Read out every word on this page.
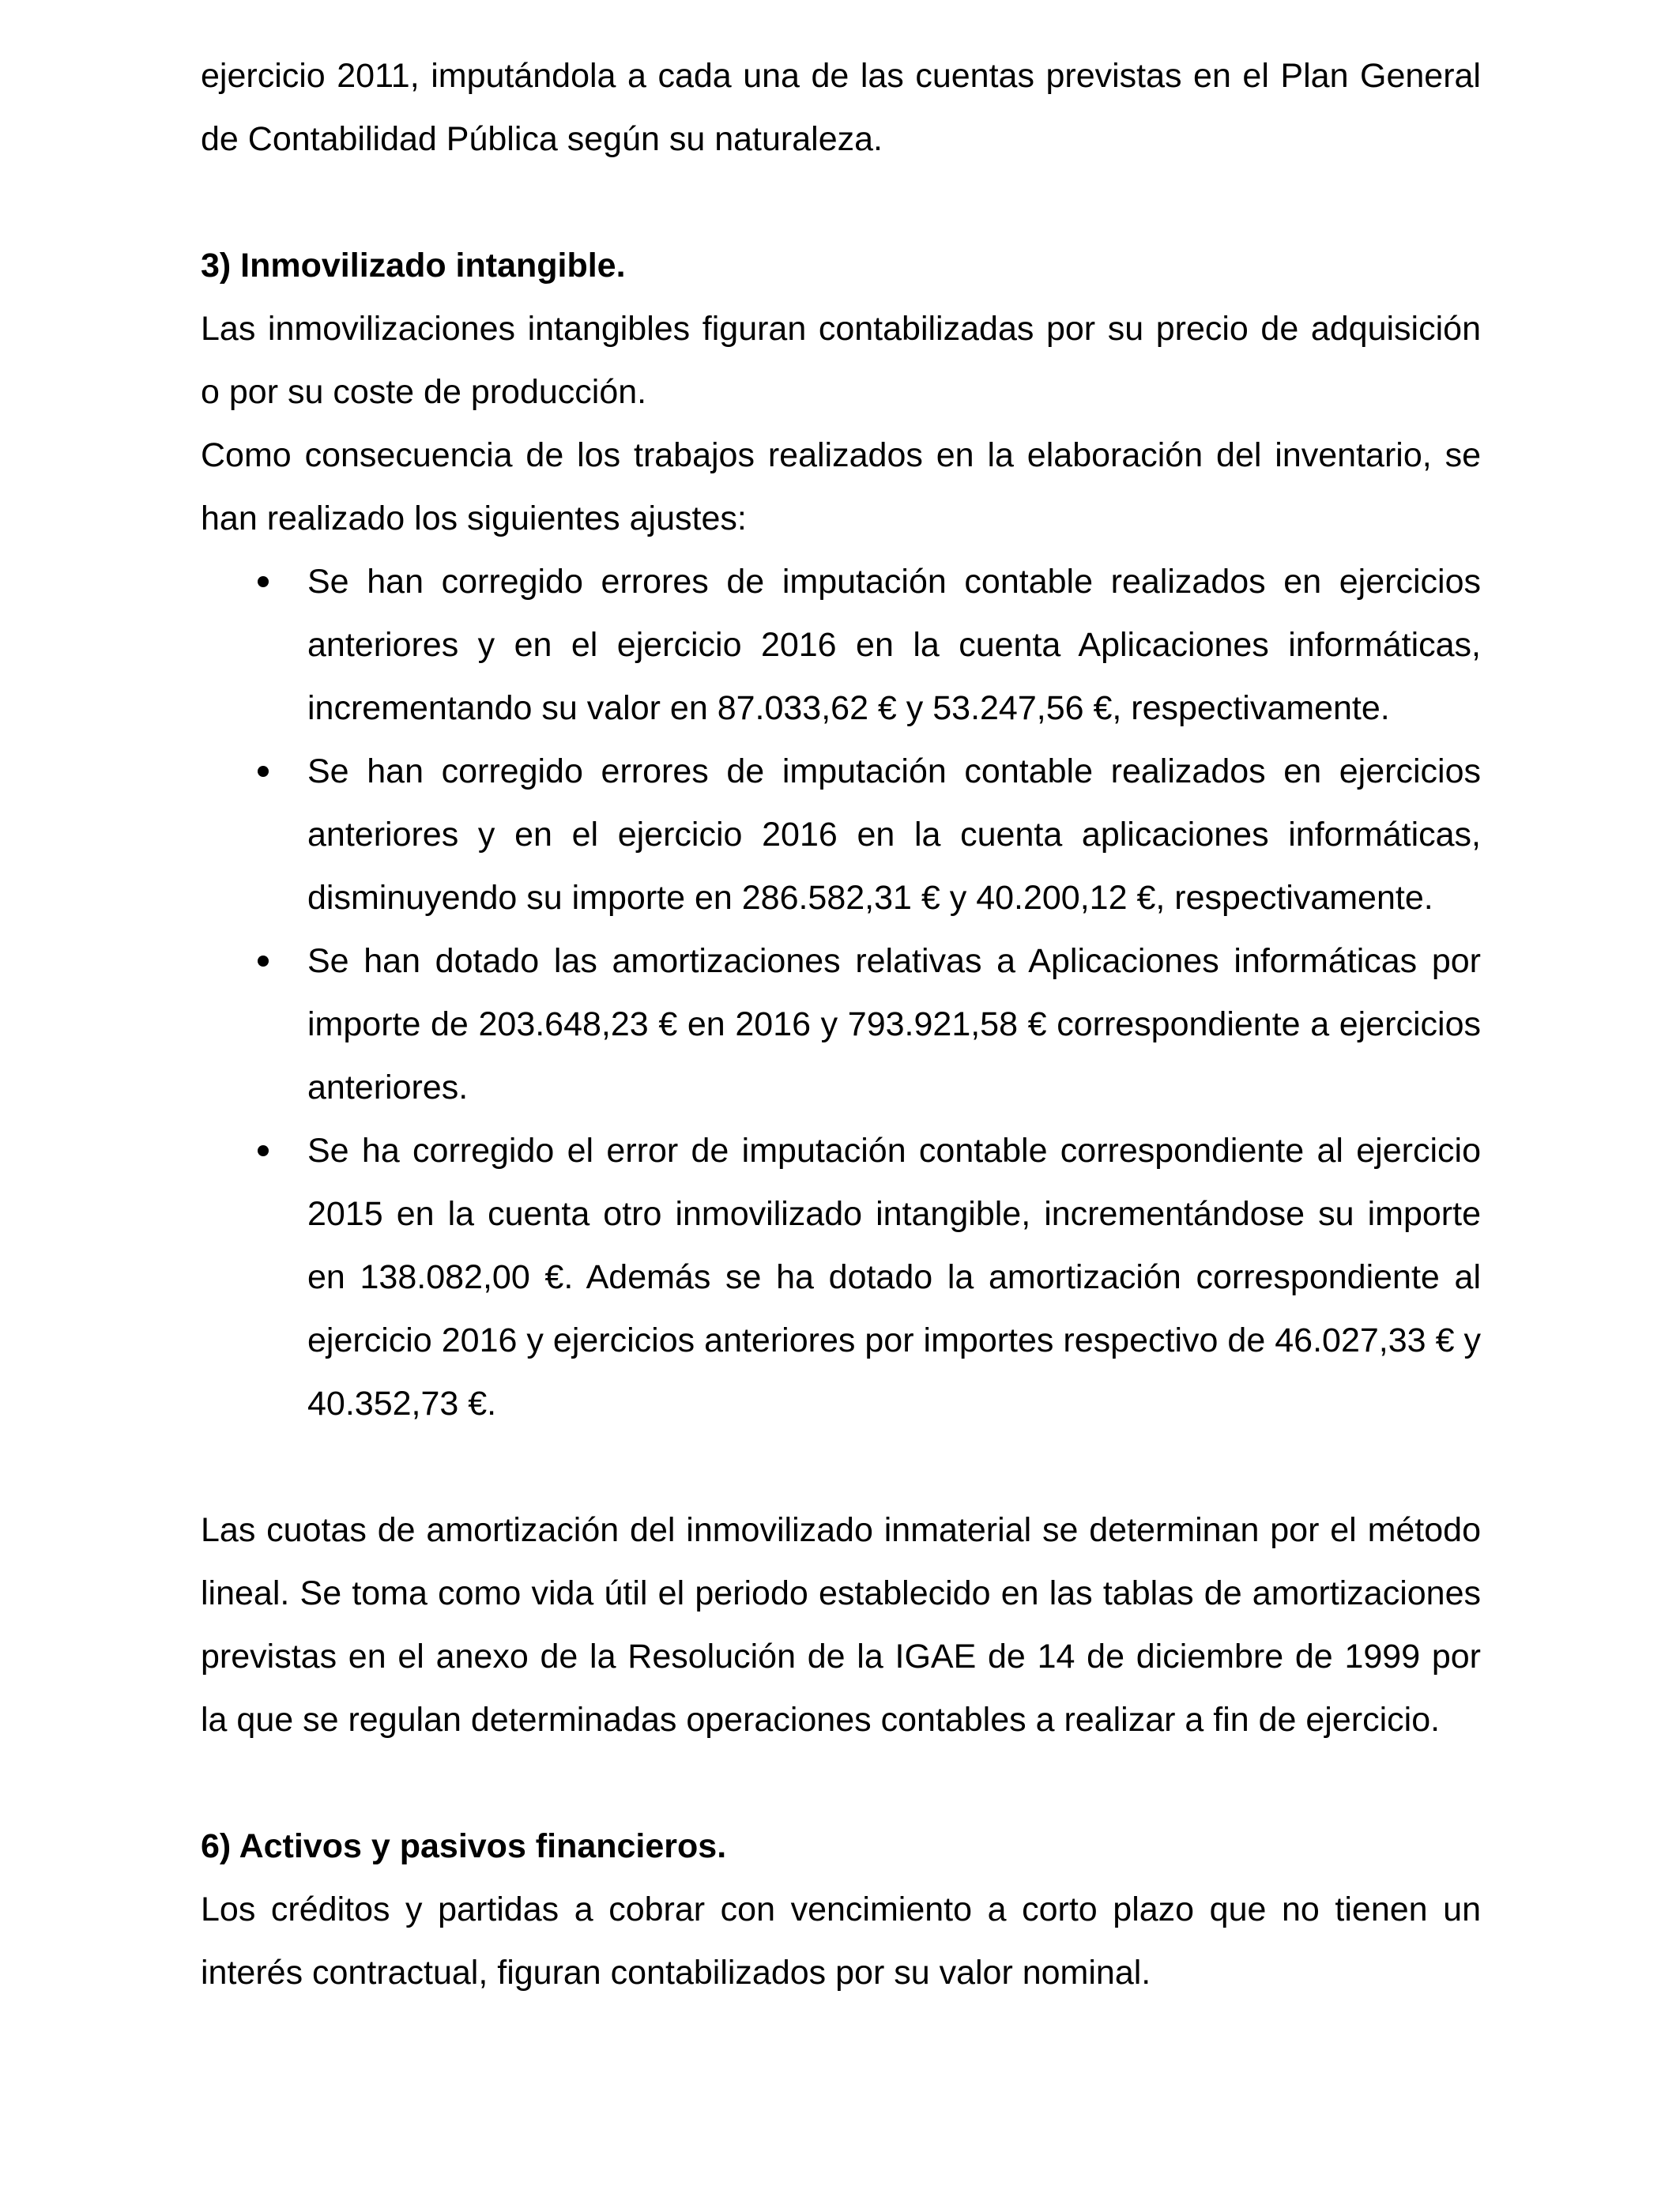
ejercicio 2011, imputándola a cada una de las cuentas previstas en el Plan General de Contabilidad Pública según su naturaleza.

3) Inmovilizado intangible.

Las inmovilizaciones intangibles figuran contabilizadas por su precio de adquisición o por su coste de producción.

Como consecuencia de los trabajos realizados en la elaboración del inventario, se han realizado los siguientes ajustes:

Se han corregido errores de imputación contable realizados en ejercicios anteriores y en el ejercicio 2016 en la cuenta Aplicaciones informáticas, incrementando su valor en 87.033,62 € y 53.247,56 €, respectivamente.
Se han corregido errores de imputación contable realizados en ejercicios anteriores y en el ejercicio 2016 en la cuenta aplicaciones informáticas, disminuyendo su importe en 286.582,31 € y 40.200,12 €, respectivamente.
Se han dotado las amortizaciones relativas a Aplicaciones informáticas por importe de 203.648,23 € en 2016 y 793.921,58 € correspondiente a ejercicios anteriores.
Se ha corregido el error de imputación contable correspondiente al ejercicio 2015 en la cuenta otro inmovilizado intangible, incrementándose su importe en 138.082,00 €. Además se ha dotado la amortización correspondiente al ejercicio 2016 y ejercicios anteriores por importes respectivo de 46.027,33 € y 40.352,73 €.

Las cuotas de amortización del inmovilizado inmaterial se determinan por el método lineal. Se toma como vida útil el periodo establecido en las tablas de amortizaciones previstas en el anexo de la Resolución de la IGAE de 14 de diciembre de 1999 por la que se regulan determinadas operaciones contables a realizar a fin de ejercicio.

6) Activos y pasivos financieros.

Los créditos y partidas a cobrar con vencimiento a corto plazo que no tienen un interés contractual, figuran contabilizados por su valor nominal.
